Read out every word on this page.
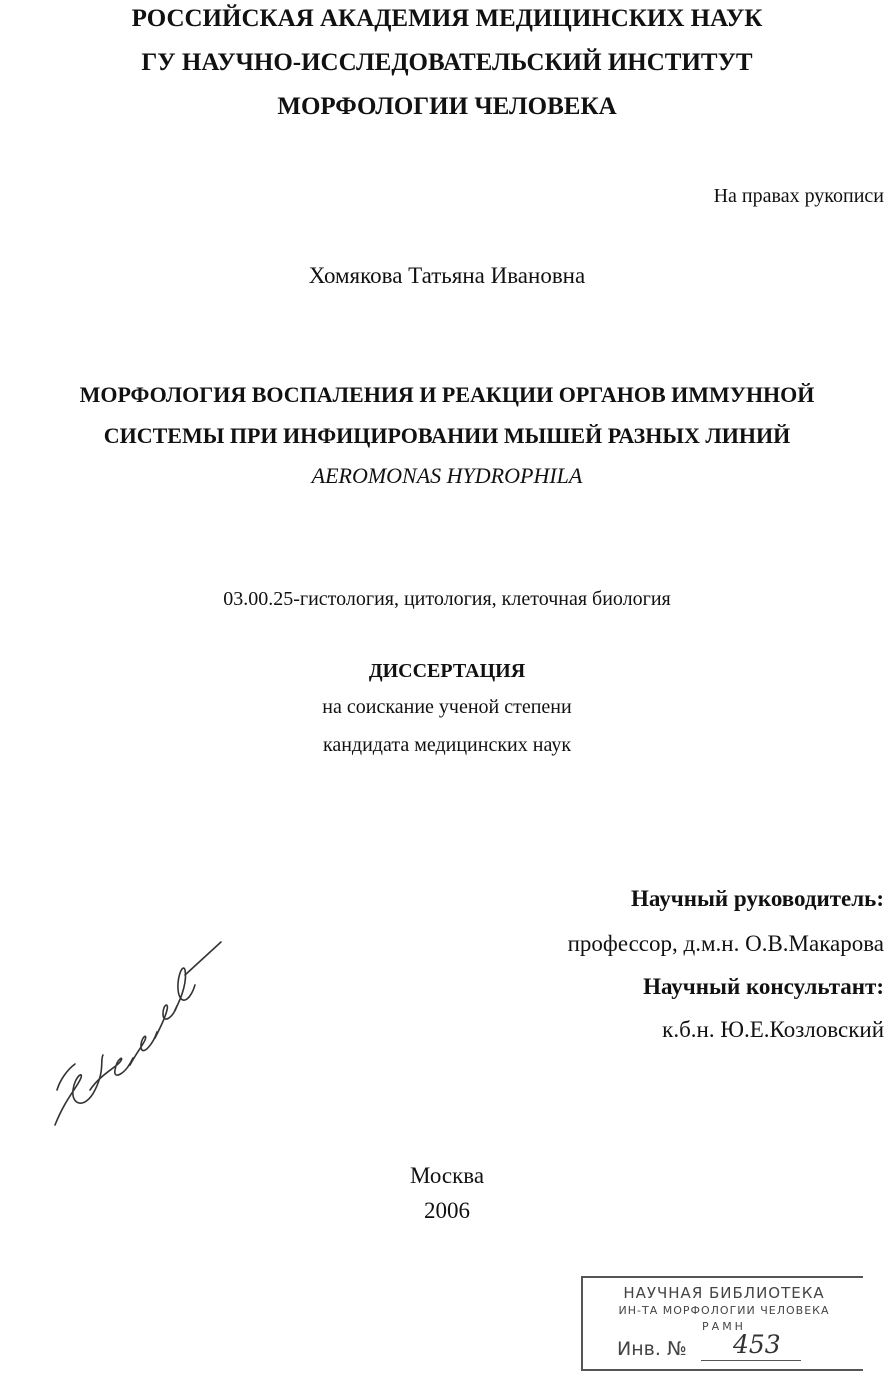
РОССИЙСКАЯ АКАДЕМИЯ МЕДИЦИНСКИХ НАУК

ГУ НАУЧНО-ИССЛЕДОВАТЕЛЬСКИЙ ИНСТИТУТ

МОРФОЛОГИИ ЧЕЛОВЕКА

На правах рукописи

Хомякова Татьяна Ивановна

МОРФОЛОГИЯ ВОСПАЛЕНИЯ И РЕАКЦИИ ОРГАНОВ ИММУННОЙ

СИСТЕМЫ ПРИ ИНФИЦИРОВАНИИ МЫШЕЙ РАЗНЫХ ЛИНИЙ

AEROMONAS HYDROPHILA

03.00.25-гистология, цитология, клеточная биология

ДИССЕРТАЦИЯ

на соискание ученой степени

кандидата медицинских наук

Научный руководитель:

профессор, д.м.н. О.В.Макарова

Научный консультант:

к.б.н. Ю.Е.Козловский

Москва

2006

НАУЧНАЯ БИБЛИОТЕКА
ИН-ТА МОРФОЛОГИИ ЧЕЛОВЕКА
РАМН
Инв. № 453
